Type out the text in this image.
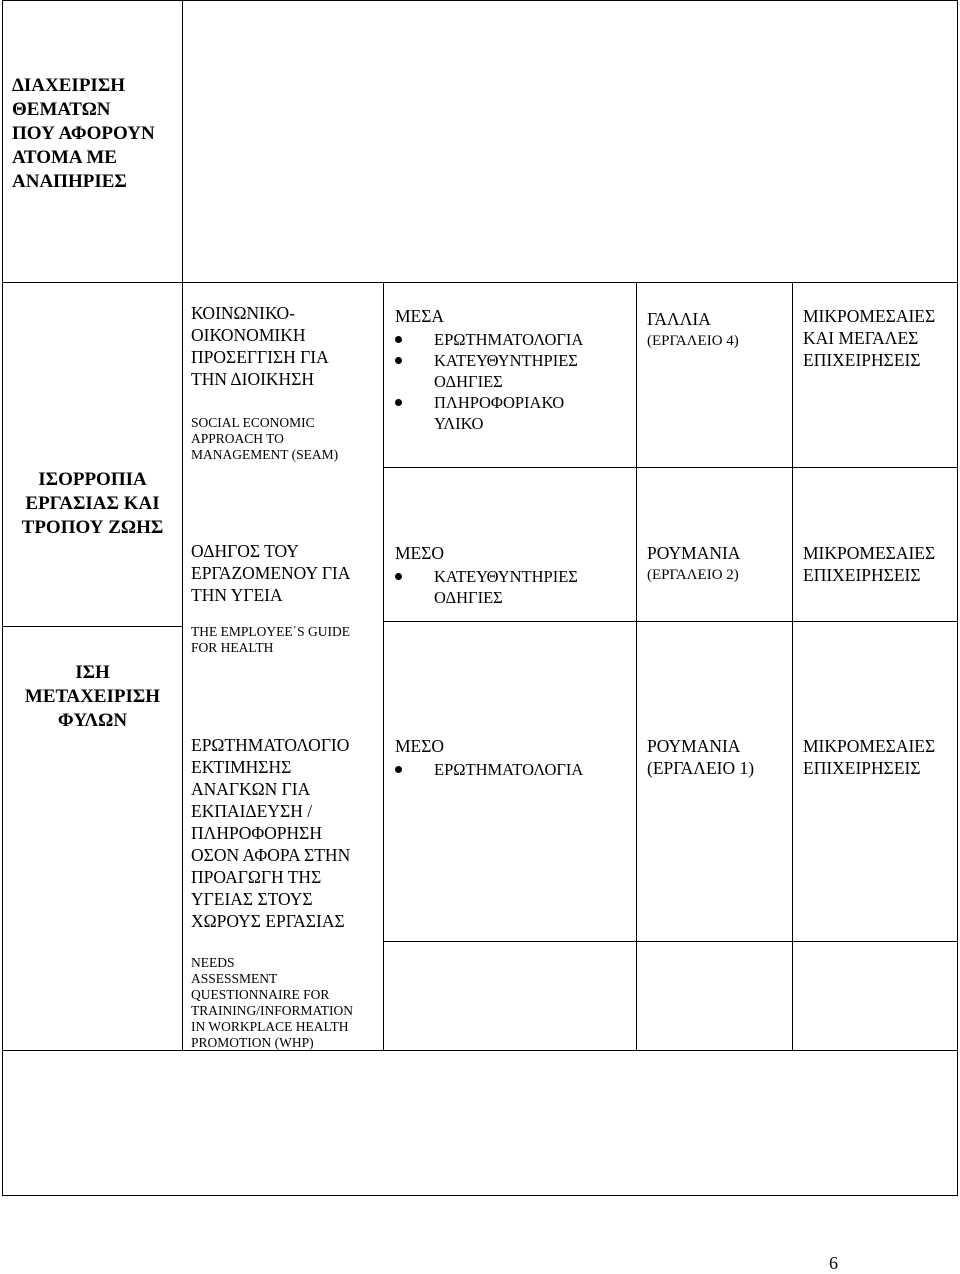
ΔΙΑΧΕΙΡΙΣΗ
ΘΕΜΑΤΩΝ
ΠΟΥ ΑΦΟΡΟΥΝ
ΑΤΟΜΑ ΜΕ
ΑΝΑΠΗΡΙΕΣ
ΙΣΟΡΡΟΠΙΑ
ΕΡΓΑΣΙΑΣ ΚΑΙ
ΤΡΟΠΟΥ ΖΩΗΣ
ΙΣΗ
ΜΕΤΑΧΕΙΡΙΣΗ
ΦΥΛΩΝ
ΚΟΙΝΩΝΙΚΟ-
ΟΙΚΟΝΟΜΙΚΗ
ΠΡΟΣΕΓΓΙΣΗ ΓΙΑ
ΤΗΝ ΔΙΟΙΚΗΣΗ
SOCIAL ECONOMIC
APPROACH TO
MANAGEMENT (SEAM)
ΜΕΣΑ
ΕΡΩΤΗΜΑΤΟΛΟΓΙΑ
ΚΑΤΕΥΘΥΝΤΗΡΙΕΣ
ΟΔΗΓΙΕΣ
ΠΛΗΡΟΦΟΡΙΑΚΟ
ΥΛΙΚΟ
ΓΑΛΛΙΑ
(ΕΡΓΑΛΕΙΟ 4)
ΜΙΚΡΟΜΕΣΑΙΕΣ
ΚΑΙ ΜΕΓΑΛΕΣ
ΕΠΙΧΕΙΡΗΣΕΙΣ
ΟΔΗΓΟΣ ΤΟΥ
ΕΡΓΑΖΟΜΕΝΟΥ ΓΙΑ
ΤΗΝ ΥΓΕΙΑ
THE EMPLOYEE΄S GUIDE
FOR HEALTH
ΜΕΣΟ
ΚΑΤΕΥΘΥΝΤΗΡΙΕΣ
ΟΔΗΓΙΕΣ
ΡΟΥΜΑΝΙΑ
(ΕΡΓΑΛΕΙΟ 2)
ΜΙΚΡΟΜΕΣΑΙΕΣ
ΕΠΙΧΕΙΡΗΣΕΙΣ
ΕΡΩΤΗΜΑΤΟΛΟΓΙΟ
ΕΚΤΙΜΗΣΗΣ
ΑΝΑΓΚΩΝ ΓΙΑ
ΕΚΠΑΙΔΕΥΣΗ /
ΠΛΗΡΟΦΟΡΗΣΗ
ΟΣΟΝ ΑΦΟΡΑ ΣΤΗΝ
ΠΡΟΑΓΩΓΗ ΤΗΣ
ΥΓΕΙΑΣ ΣΤΟΥΣ
ΧΩΡΟΥΣ ΕΡΓΑΣΙΑΣ
NEEDS
ASSESSMENT
QUESTIONNAIRE FOR
TRAINING/INFORMATION
IN WORKPLACE HEALTH
PROMOTION (WHP)
ΜΕΣΟ
ΕΡΩΤΗΜΑΤΟΛΟΓΙΑ
ΡΟΥΜΑΝΙΑ
(ΕΡΓΑΛΕΙΟ 1)
ΜΙΚΡΟΜΕΣΑΙΕΣ
ΕΠΙΧΕΙΡΗΣΕΙΣ
6
